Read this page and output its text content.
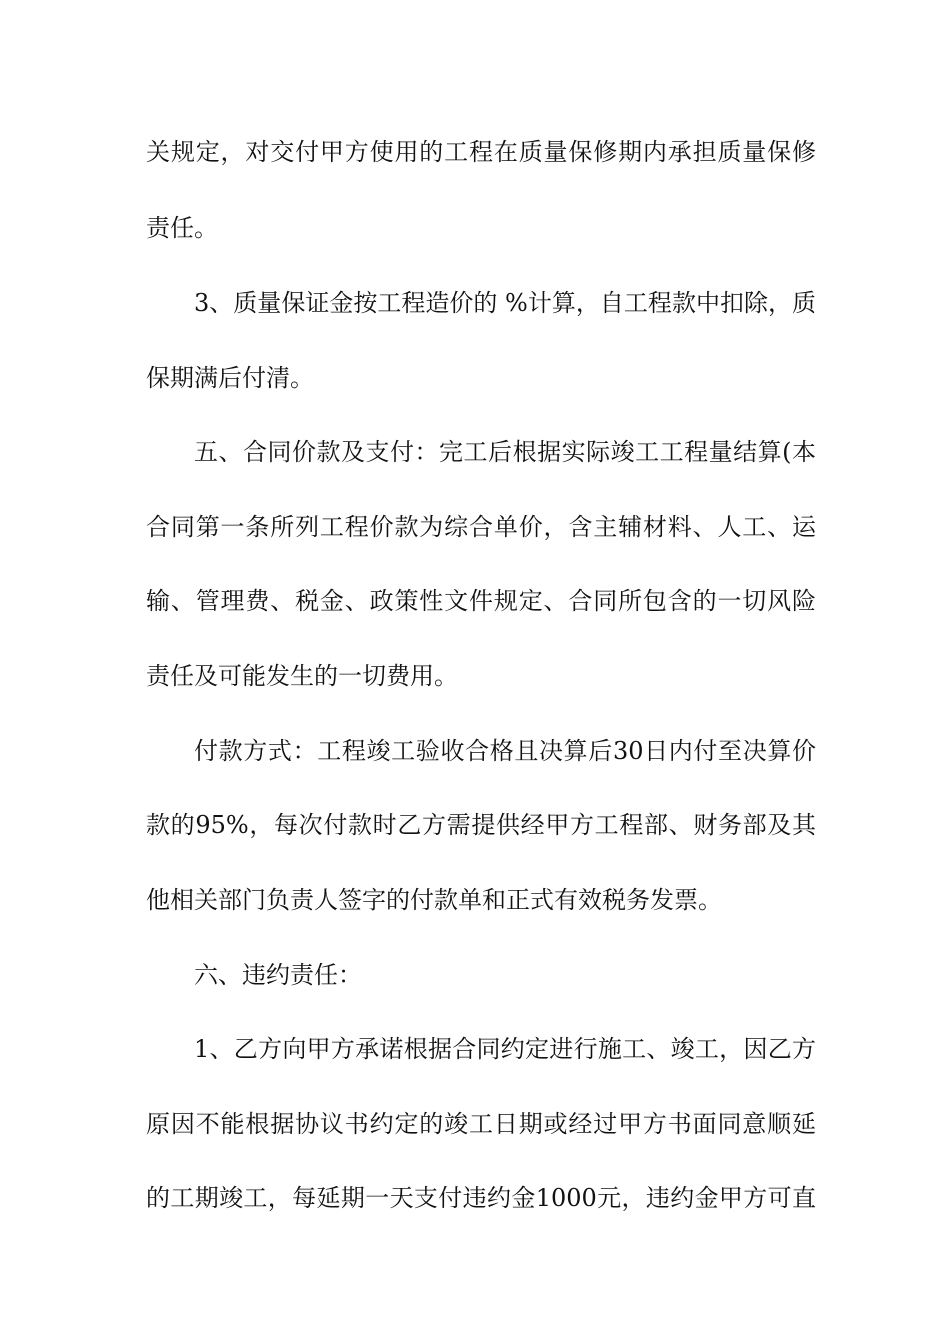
关规定，对交付甲方使用的工程在质量保修期内承担质量保修
责任。
3、质量保证金按工程造价的 %计算，自工程款中扣除，质
保期满后付清。
五、合同价款及支付：完工后根据实际竣工工程量结算(本
合同第一条所列工程价款为综合单价，含主辅材料、人工、运
输、管理费、税金、政策性文件规定、合同所包含的一切风险
责任及可能发生的一切费用。
付款方式：工程竣工验收合格且决算后30日内付至决算价
款的95%，每次付款时乙方需提供经甲方工程部、财务部及其
他相关部门负责人签字的付款单和正式有效税务发票。
六、违约责任：
1、乙方向甲方承诺根据合同约定进行施工、竣工，因乙方
原因不能根据协议书约定的竣工日期或经过甲方书面同意顺延
的工期竣工，每延期一天支付违约金1000元，违约金甲方可直
